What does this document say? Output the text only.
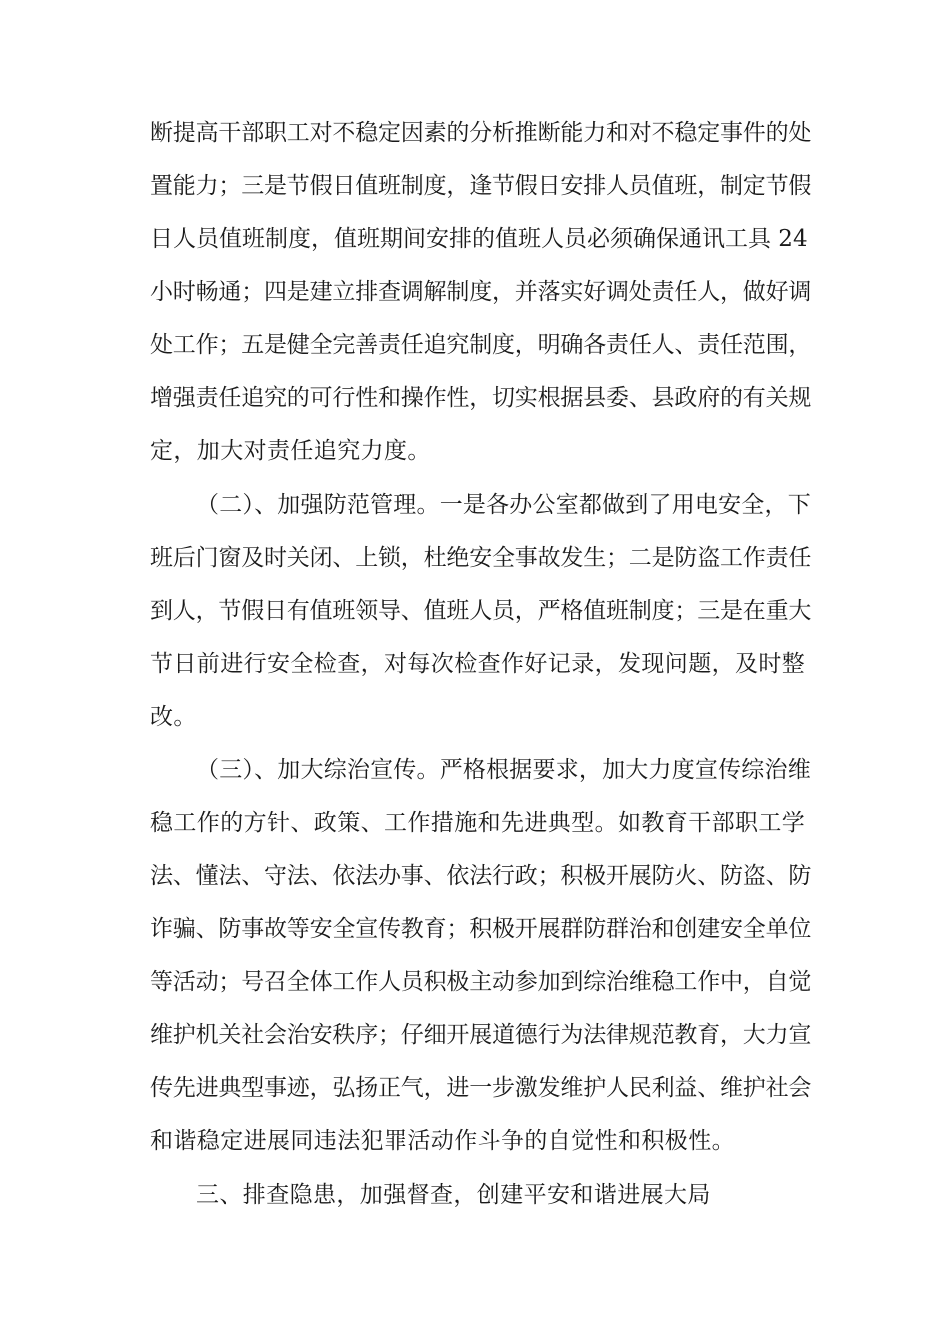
断提高干部职工对不稳定因素的分析推断能力和对不稳定事件的处
置能力；三是节假日值班制度，逢节假日安排人员值班，制定节假
日人员值班制度，值班期间安排的值班人员必须确保通讯工具 24
小时畅通；四是建立排查调解制度，并落实好调处责任人，做好调
处工作；五是健全完善责任追究制度，明确各责任人、责任范围，
增强责任追究的可行性和操作性，切实根据县委、县政府的有关规
定，加大对责任追究力度。
（二）、加强防范管理。一是各办公室都做到了用电安全，下
班后门窗及时关闭、上锁，杜绝安全事故发生；二是防盗工作责任
到人，节假日有值班领导、值班人员，严格值班制度；三是在重大
节日前进行安全检查，对每次检查作好记录，发现问题，及时整
改。
（三）、加大综治宣传。严格根据要求，加大力度宣传综治维
稳工作的方针、政策、工作措施和先进典型。如教育干部职工学
法、懂法、守法、依法办事、依法行政；积极开展防火、防盗、防
诈骗、防事故等安全宣传教育；积极开展群防群治和创建安全单位
等活动；号召全体工作人员积极主动参加到综治维稳工作中，自觉
维护机关社会治安秩序；仔细开展道德行为法律规范教育，大力宣
传先进典型事迹，弘扬正气，进一步激发维护人民利益、维护社会
和谐稳定进展同违法犯罪活动作斗争的自觉性和积极性。
三、排查隐患，加强督查，创建平安和谐进展大局
